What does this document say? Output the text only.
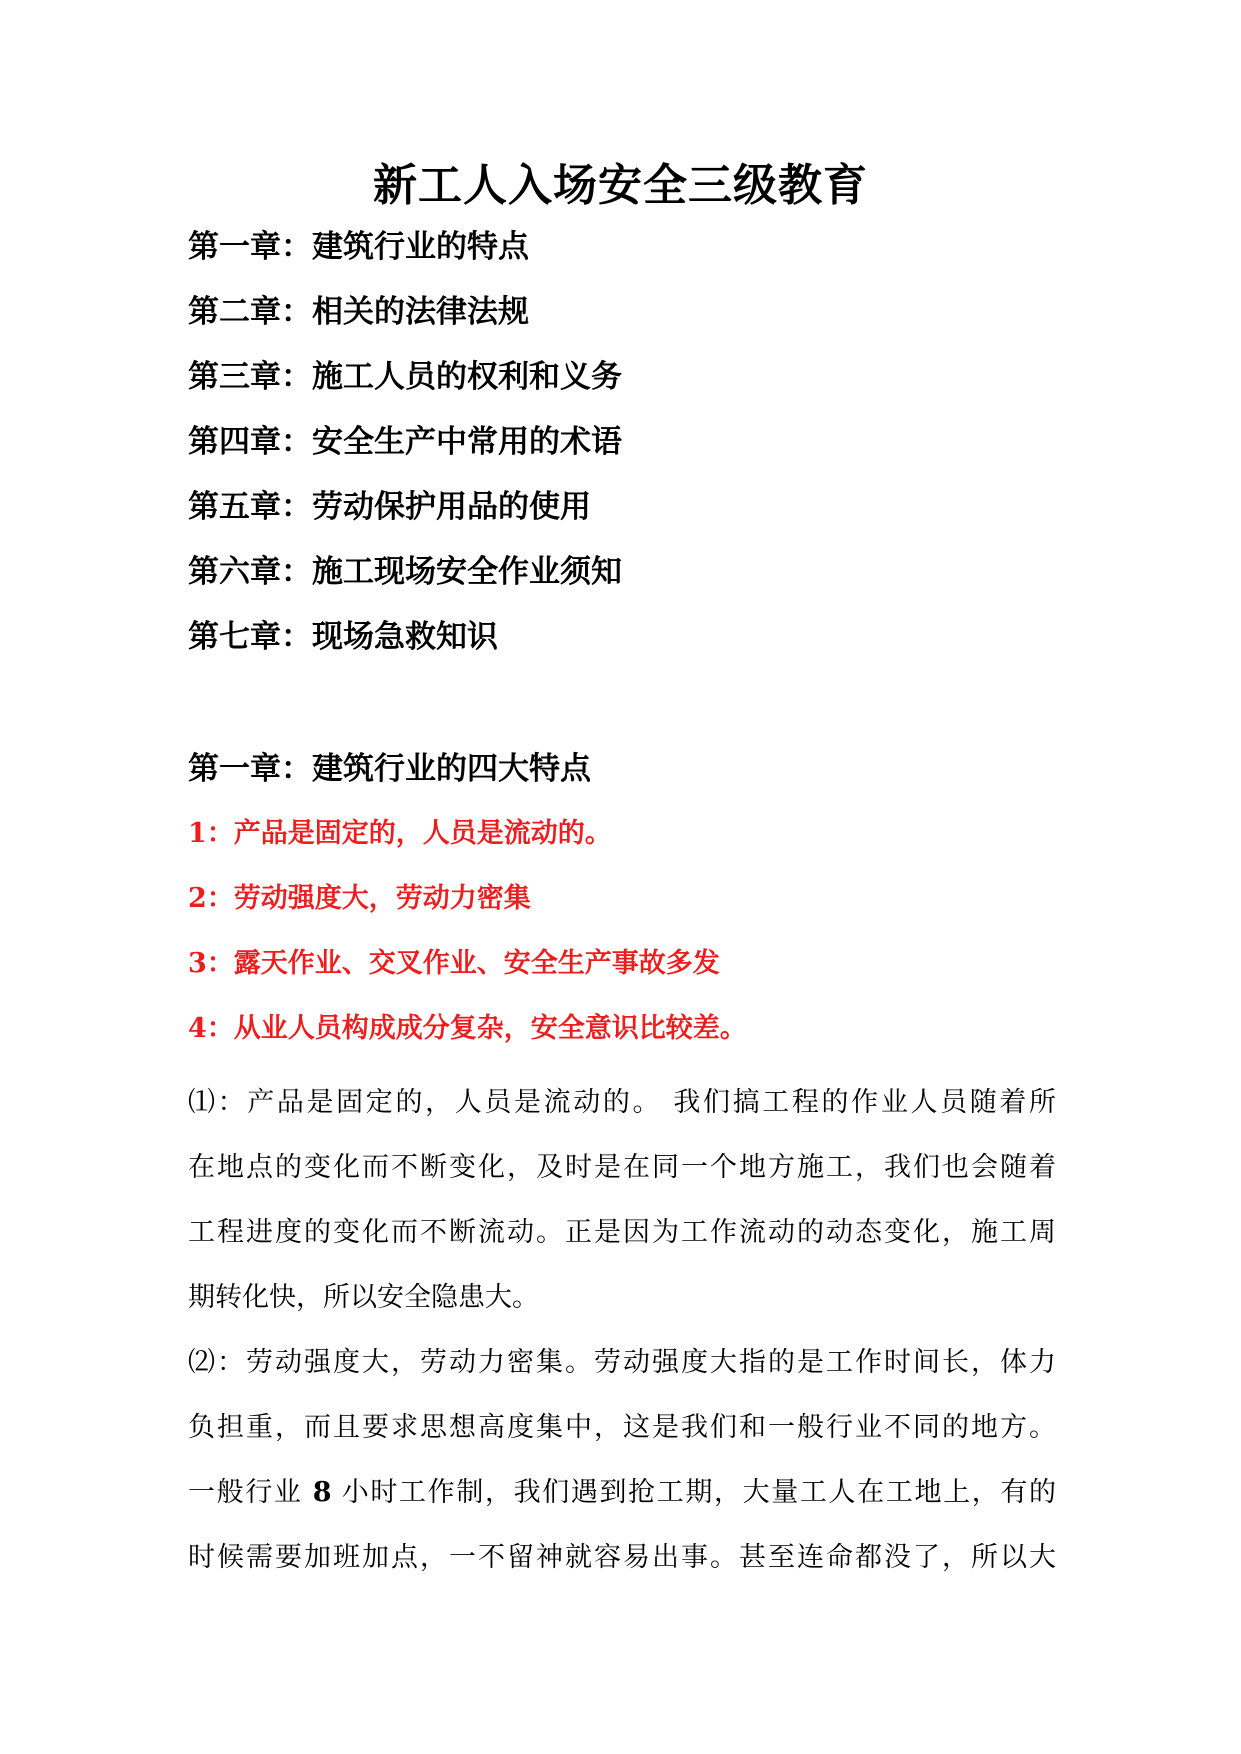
新工人入场安全三级教育
第一章：建筑行业的特点
第二章：相关的法律法规
第三章：施工人员的权利和义务
第四章：安全生产中常用的术语
第五章：劳动保护用品的使用
第六章：施工现场安全作业须知
第七章：现场急救知识
第一章：建筑行业的四大特点
1：产品是固定的，人员是流动的。
2：劳动强度大，劳动力密集
3：露天作业、交叉作业、安全生产事故多发
4：从业人员构成成分复杂，安全意识比较差。
⑴：产品是固定的，人员是流动的。 我们搞工程的作业人员随着所
在地点的变化而不断变化，及时是在同一个地方施工，我们也会随着
工程进度的变化而不断流动。正是因为工作流动的动态变化，施工周
期转化快，所以安全隐患大。
⑵：劳动强度大，劳动力密集。劳动强度大指的是工作时间长，体力
负担重，而且要求思想高度集中，这是我们和一般行业不同的地方。
一般行业 8 小时工作制，我们遇到抢工期，大量工人在工地上，有的
时候需要加班加点，一不留神就容易出事。甚至连命都没了，所以大
